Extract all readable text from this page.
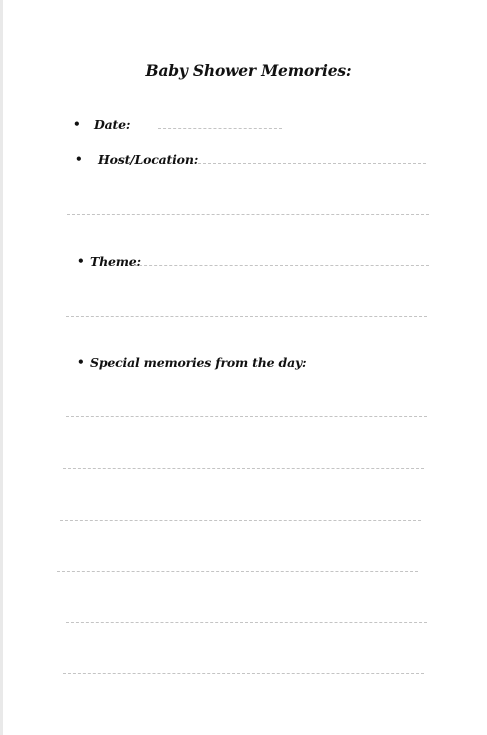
Baby Shower Memories:
• Date:
• Host/Location:
• Theme:
• Special memories from the day:
